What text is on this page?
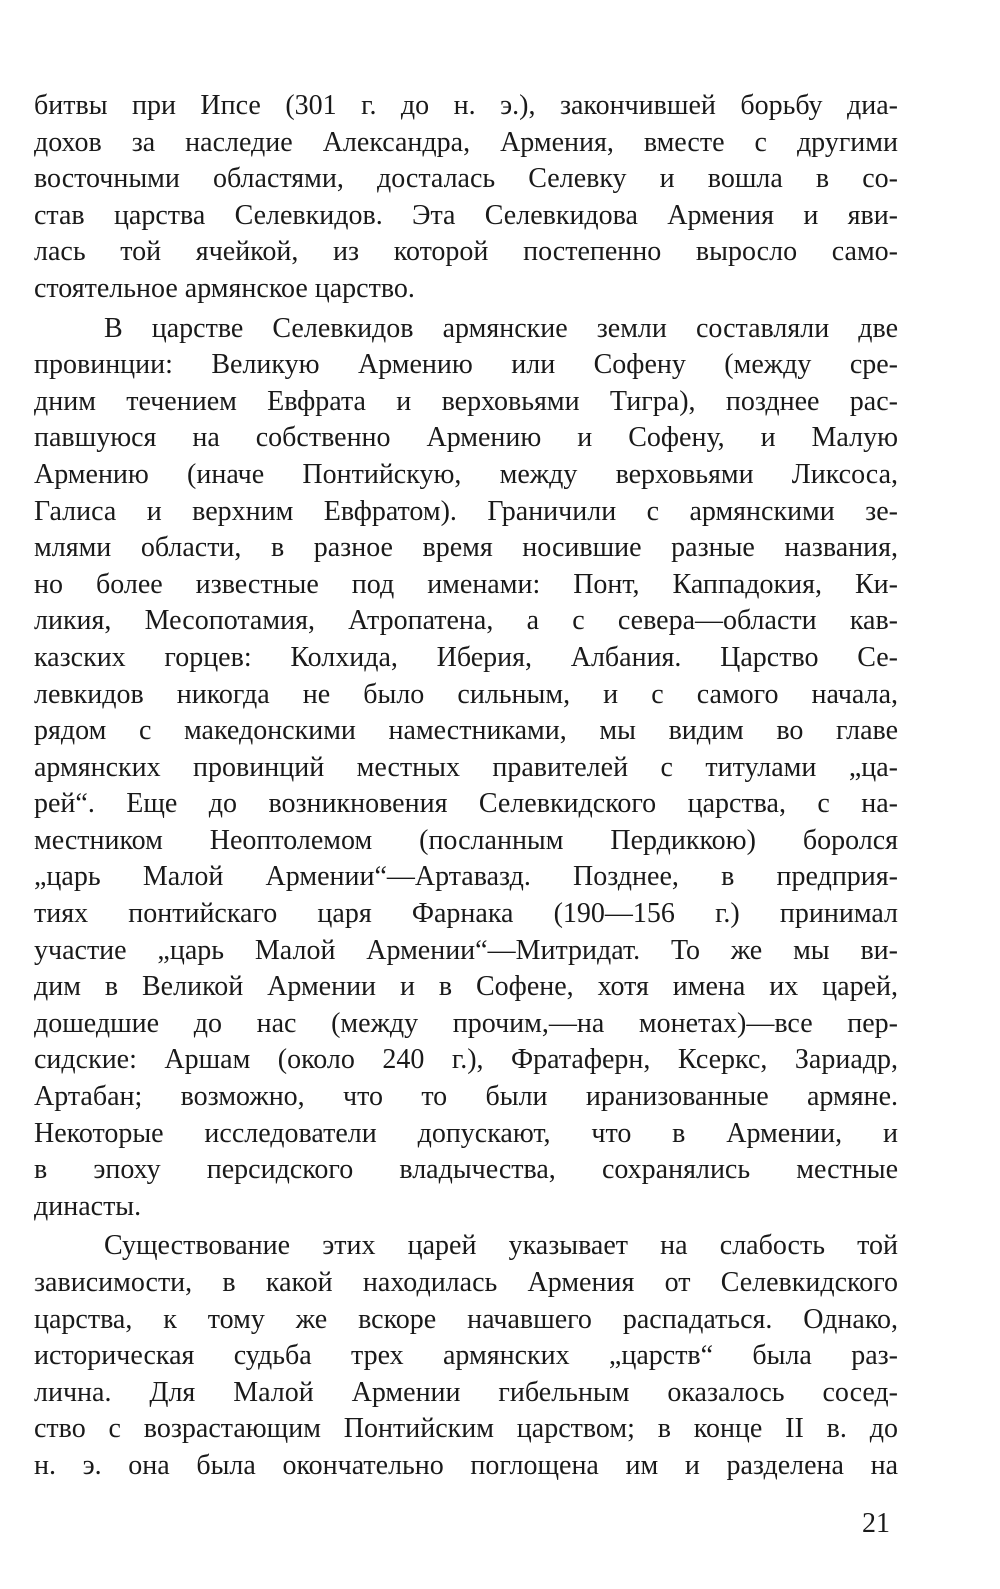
битвы при Ипсе (301 г. до н. э.), закончившей борьбу диа-
дохов за наследие Александра, Армения, вместе с другими
восточными областями, досталась Селевку и вошла в со-
став царства Селевкидов. Эта Селевкидова Армения и яви-
лась той ячейкой, из которой постепенно выросло само-
стоятельное армянское царство.
В царстве Селевкидов армянские земли составляли две
провинции: Великую Армению или Софену (между сре-
дним течением Евфрата и верховьями Тигра), позднее рас-
павшуюся на собственно Армению и Софену, и Малую
Армению (иначе Понтийскую, между верховьями Ликсоса,
Галиса и верхним Евфратом). Граничили с армянскими зе-
млями области, в разное время носившие разные названия,
но более известные под именами: Понт, Каппадокия, Ки-
ликия, Месопотамия, Атропатена, а с севера—области кав-
казских горцев: Колхида, Иберия, Албания. Царство Се-
левкидов никогда не было сильным, и с самого начала,
рядом с македонскими наместниками, мы видим во главе
армянских провинций местных правителей с титулами „ца-
рей“. Еще до возникновения Селевкидского царства, с на-
местником Неоптолемом (посланным Пердиккою) боролся
„царь Малой Армении“—Артавазд. Позднее, в предприя-
тиях понтийскаго царя Фарнака (190—156 г.) принимал
участие „царь Малой Армении“—Митридат. То же мы ви-
дим в Великой Армении и в Софене, хотя имена их царей,
дошедшие до нас (между прочим,—на монетах)—все пер-
сидские: Аршам (около 240 г.), Фратаферн, Ксеркс, Зариадр,
Артабан; возможно, что то были иранизованные армяне.
Некоторые исследователи допускают, что в Армении, и
в эпоху персидского владычества, сохранялись местные
династы.
Существование этих царей указывает на слабость той
зависимости, в какой находилась Армения от Селевкидского
царства, к тому же вскоре начавшего распадаться. Однако,
историческая судьба трех армянских „царств“ была раз-
лична. Для Малой Армении гибельным оказалось сосед-
ство с возрастающим Понтийским царством; в конце II в. до
н. э. она была окончательно поглощена им и разделена на
21
